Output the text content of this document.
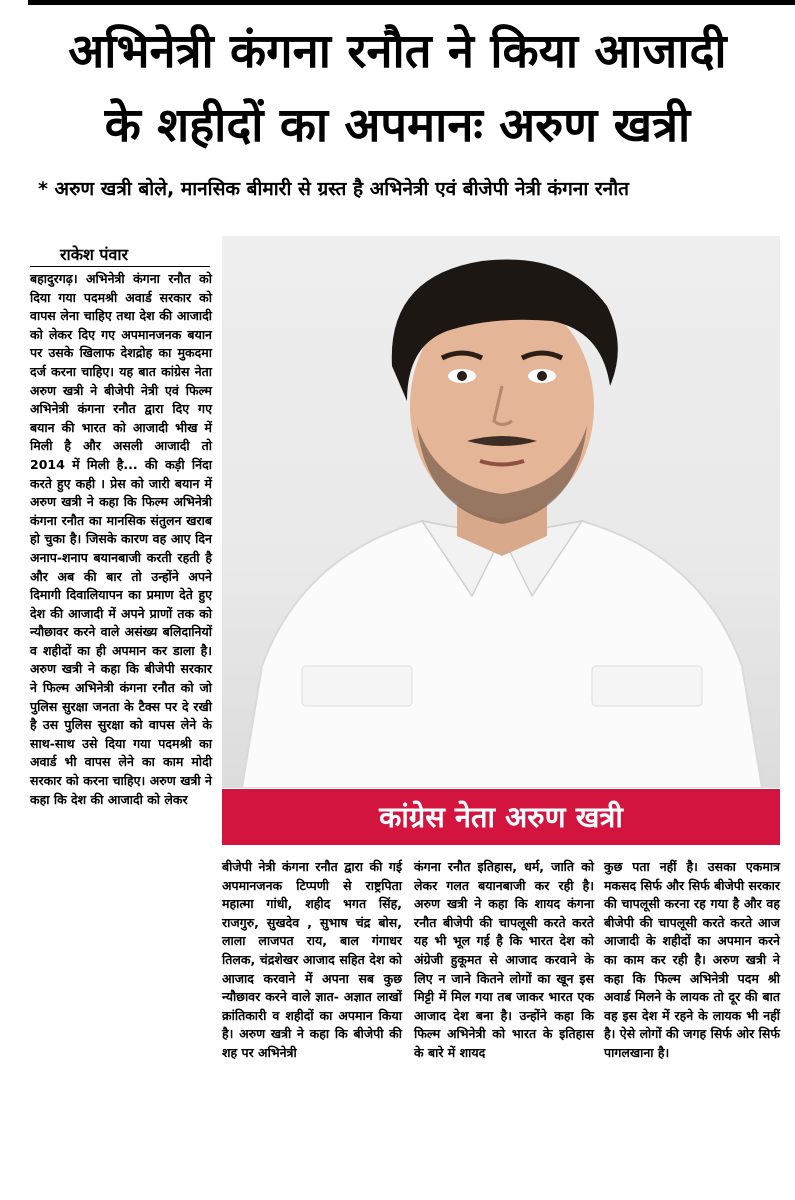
अभिनेत्री कंगना रनौत ने किया आजादी
के शहीदों का अपमानः अरुण खत्री
* अरुण खत्री बोले, मानसिक बीमारी से ग्रस्त है अभिनेत्री एवं बीजेपी नेत्री कंगना रनौत
राकेश पंवार

बहादुरगढ़। अभिनेत्री कंगना रनौत को दिया गया पदमश्री अवार्ड सरकार को वापस लेना चाहिए तथा देश की आजादी को लेकर दिए गए अपमानजनक बयान पर उसके खिलाफ देशद्रोह का मुकदमा दर्ज करना चाहिए। यह बात कांग्रेस नेता अरुण खत्री ने बीजेपी नेत्री एवं फिल्म अभिनेत्री कंगना रनौत द्वारा दिए गए बयान की भारत को आजादी भीख में मिली है और असली आजादी तो 2014 में मिली है... की कड़ी निंदा करते हुए कही । प्रेस को जारी बयान में अरुण खत्री ने कहा कि फिल्म अभिनेत्री कंगना रनौत का मानसिक संतुलन खराब हो चुका है। जिसके कारण वह आए दिन अनाप-शनाप बयानबाजी करती रहती है और अब की बार तो उन्होंने अपने दिमागी दिवालियापन का प्रमाण देते हुए देश की आजादी में अपने प्राणों तक को न्यौछावर करने वाले असंख्य बलिदानियों व शहीदों का ही अपमान कर डाला है। अरुण खत्री ने कहा कि बीजेपी सरकार ने फिल्म अभिनेत्री कंगना रनौत को जो पुलिस सुरक्षा जनता के टैक्स पर दे रखी है उस पुलिस सुरक्षा को वापस लेने के साथ-साथ उसे दिया गया पदमश्री का अवार्ड भी वापस लेने का काम मोदी सरकार को करना चाहिए। अरुण खत्री ने कहा कि देश की आजादी को लेकर

कांग्रेस नेता अरुण खत्री

बीजेपी नेत्री कंगना रनौत द्वारा की गई अपमानजनक टिप्पणी से राष्ट्रपिता महात्मा गांधी, शहीद भगत सिंह, राजगुरु, सुखदेव , सुभाष चंद्र बोस, लाला लाजपत राय, बाल गंगाधर तिलक, चंद्रशेखर आजाद सहित देश को आजाद करवाने में अपना सब कुछ न्यौछावर करने वाले ज्ञात- अज्ञात लाखों क्रांतिकारी व शहीदों का अपमान किया है। अरुण खत्री ने कहा कि बीजेपी की शह पर अभिनेत्री

कंगना रनौत इतिहास, धर्म, जाति को लेकर गलत बयानबाजी कर रही है। अरुण खत्री ने कहा कि शायद कंगना रनौत बीजेपी की चापलूसी करते करते यह भी भूल गई है कि भारत देश को अंग्रेजी हुकूमत से आजाद करवाने के लिए न जाने कितने लोगों का खून इस मिट्टी में मिल गया तब जाकर भारत एक आजाद देश बना है। उन्होंने कहा कि फिल्म अभिनेत्री को भारत के इतिहास के बारे में शायद

कुछ पता नहीं है। उसका एकमात्र मकसद सिर्फ और सिर्फ बीजेपी सरकार की चापलूसी करना रह गया है और वह बीजेपी की चापलूसी करते करते आज आजादी के शहीदों का अपमान करने का काम कर रही है। अरुण खत्री ने कहा कि फिल्म अभिनेत्री पदम श्री अवार्ड मिलने के लायक तो दूर की बात वह इस देश में रहने के लायक भी नहीं है। ऐसे लोगों की जगह सिर्फ ओर सिर्फ पागलखाना है।
